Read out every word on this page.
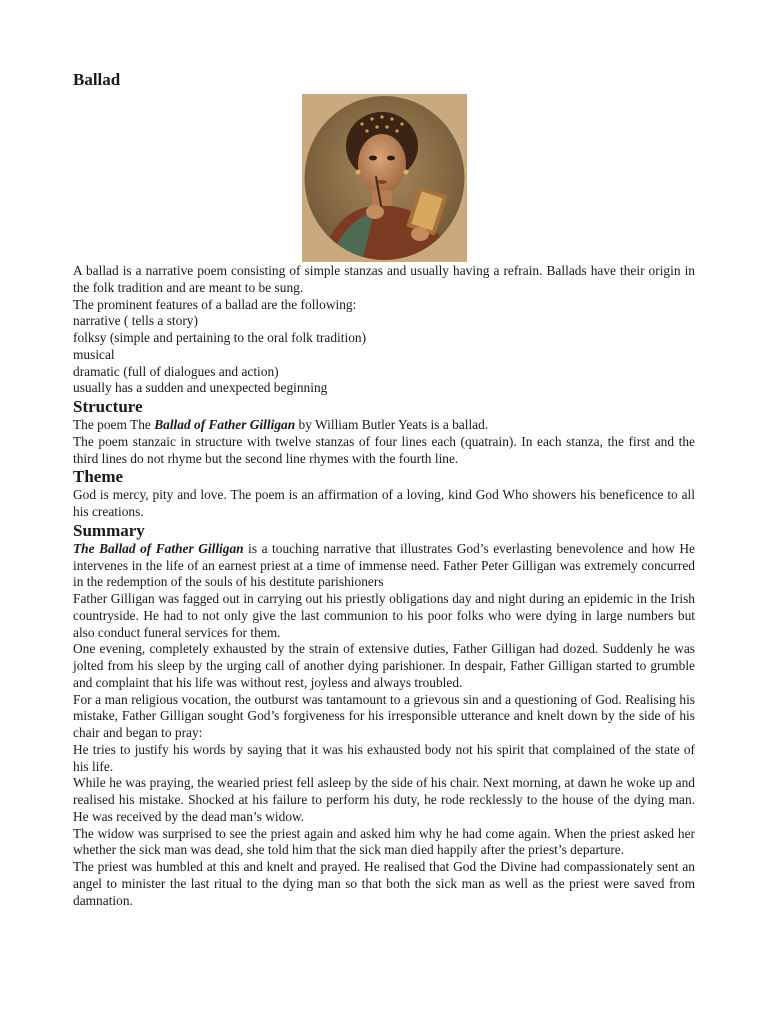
Ballad

A ballad is a narrative poem consisting of simple stanzas and usually having a refrain. Ballads have their origin in the folk tradition and are meant to be sung.

The prominent features of a ballad are the following:

narrative ( tells a story)

folksy (simple and pertaining to the oral folk tradition)

musical

dramatic (full of dialogues and action)

usually has a sudden and unexpected beginning

Structure

The poem The Ballad of Father Gilligan by William Butler Yeats is a ballad.

The poem stanzaic in structure with twelve stanzas of four lines each (quatrain). In each stanza, the first and the third lines do not rhyme but the second line rhymes with the fourth line.

Theme

God is mercy, pity and love. The poem is an affirmation of a loving, kind God Who showers his beneficence to all his creations.

Summary

The Ballad of Father Gilligan is a touching narrative that illustrates God’s everlasting benevolence and how He intervenes in the life of an earnest priest at a time of immense need. Father Peter Gilligan was extremely concurred in the redemption of the souls of his destitute parishioners

Father Gilligan was fagged out in carrying out his priestly obligations day and night during an epidemic in the Irish countryside. He had to not only give the last communion to his poor folks who were dying in large numbers but also conduct funeral services for them.

One evening, completely exhausted by the strain of extensive duties, Father Gilligan had dozed. Suddenly he was jolted from his sleep by the urging call of another dying parishioner. In despair, Father Gilligan started to grumble and complaint that his life was without rest, joyless and always troubled.

For a man religious vocation, the outburst was tantamount to a grievous sin and a questioning of God. Realising his mistake, Father Gilligan sought God’s forgiveness for his irresponsible utterance and knelt down by the side of his chair and began to pray:

He tries to justify his words by saying that it was his exhausted body not his spirit that complained of the state of his life.

While he was praying, the wearied priest fell asleep by the side of his chair. Next morning, at dawn he woke up and realised his mistake. Shocked at his failure to perform his duty, he rode recklessly to the house of the dying man. He was received by the dead man’s widow.

The widow was surprised to see the priest again and asked him why he had come again. When the priest asked her whether the sick man was dead, she told him that the sick man died happily after the priest’s departure.

The priest was humbled at this and knelt and prayed. He realised that God the Divine had compassionately sent an angel to minister the last ritual to the dying man so that both the sick man as well as the priest were saved from damnation.
